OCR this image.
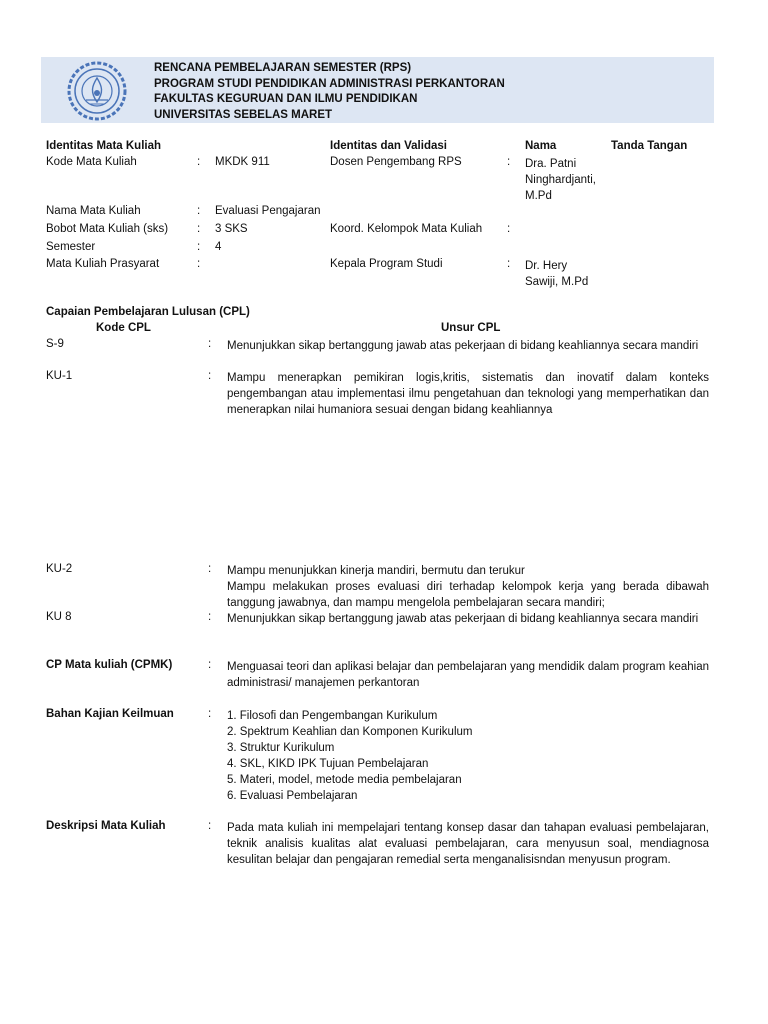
RENCANA PEMBELAJARAN SEMESTER (RPS)
PROGRAM STUDI PENDIDIKAN ADMINISTRASI PERKANTORAN
FAKULTAS KEGURUAN DAN ILMU PENDIDIKAN
UNIVERSITAS SEBELAS MARET
Identitas Mata Kuliah
Kode Mata Kuliah	: MKDK 911
Nama Mata Kuliah	: Evaluasi Pengajaran
Bobot Mata Kuliah (sks)	: 3 SKS
Semester	: 4
Mata Kuliah Prasyarat	:
Identitas dan Validasi	Nama	Tanda Tangan
Dosen Pengembang RPS	: Dra. Patni
Ninghardjanti,
M.Pd
Koord. Kelompok Mata Kuliah :
Kepala Program Studi	: Dr. Hery
Sawiji, M.Pd
Capaian Pembelajaran Lulusan (CPL)
Kode CPL	Unsur CPL
S-9	: Menunjukkan sikap bertanggung jawab atas pekerjaan di bidang keahliannya secara mandiri
KU-1	: Mampu menerapkan pemikiran logis,kritis, sistematis dan inovatif dalam konteks pengembangan atau implementasi ilmu pengetahuan dan teknologi yang memperhatikan dan menerapkan nilai humaniora sesuai dengan bidang keahliannya
KU-2	: Mampu menunjukkan kinerja mandiri, bermutu dan terukur
Mampu melakukan proses evaluasi diri terhadap kelompok kerja yang berada dibawah tanggung jawabnya, dan mampu mengelola pembelajaran secara mandiri;
KU 8	: Menunjukkan sikap bertanggung jawab atas pekerjaan di bidang keahliannya secara mandiri
CP Mata kuliah (CPMK)	: Menguasai teori dan aplikasi belajar dan pembelajaran yang mendidik dalam program keahian administrasi/ manajemen perkantoran
Bahan Kajian Keilmuan	: 1. Filosofi dan Pengembangan Kurikulum
2. Spektrum Keahlian dan Komponen Kurikulum
3. Struktur Kurikulum
4. SKL, KIKD IPK Tujuan Pembelajaran
5. Materi, model, metode media pembelajaran
6. Evaluasi Pembelajaran
Deskripsi Mata Kuliah	: Pada mata kuliah ini mempelajari tentang konsep dasar dan tahapan evaluasi pembelajaran, teknik analisis kualitas alat evaluasi pembelajaran, cara menyusun soal, mendiagnosa kesulitan belajar dan pengajaran remedial serta menganalisisndan menyusun program.
